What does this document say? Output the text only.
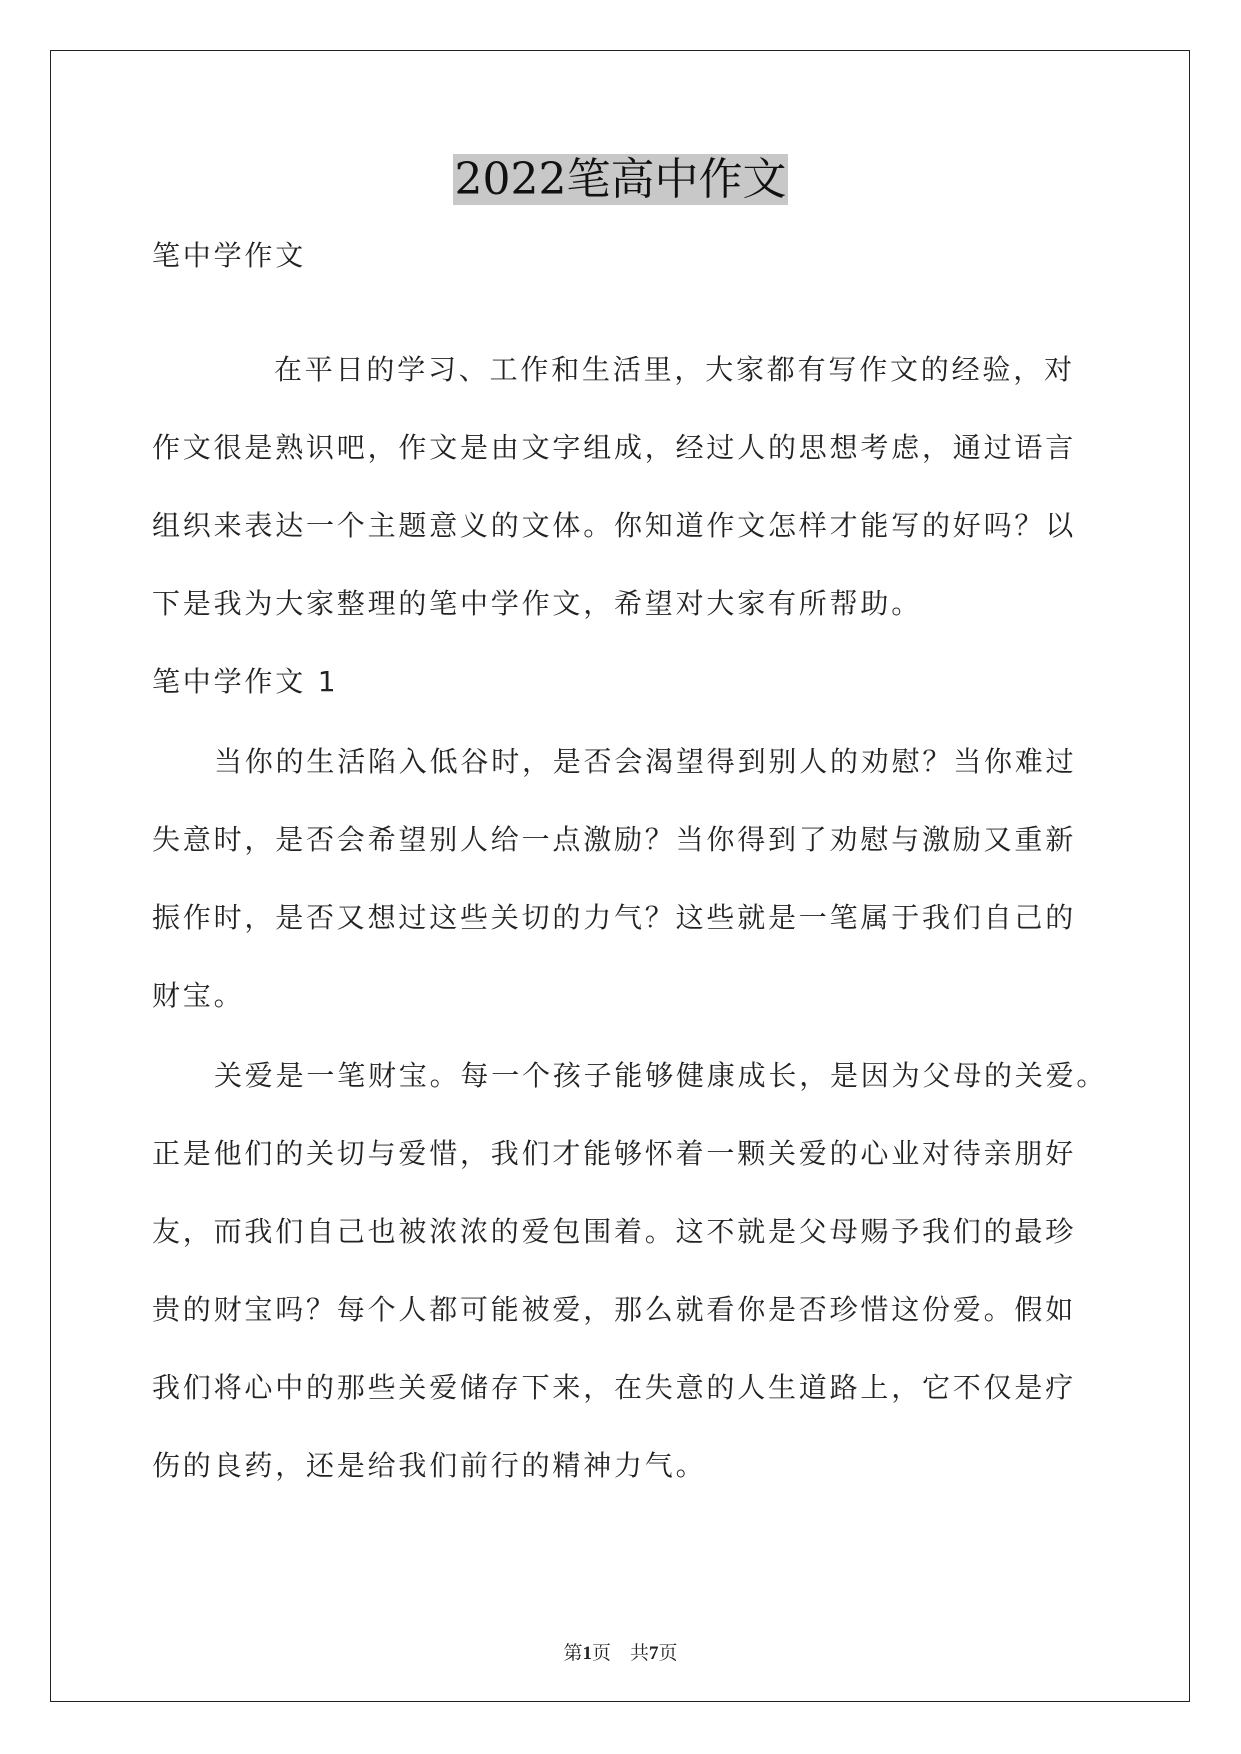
2022笔高中作文
笔中学作文
在平日的学习、工作和生活里，大家都有写作文的经验，对
作文很是熟识吧，作文是由文字组成，经过人的思想考虑，通过语言
组织来表达一个主题意义的文体。你知道作文怎样才能写的好吗？以
下是我为大家整理的笔中学作文，希望对大家有所帮助。
笔中学作文 1
当你的生活陷入低谷时，是否会渴望得到别人的劝慰？当你难过
失意时，是否会希望别人给一点激励？当你得到了劝慰与激励又重新
振作时，是否又想过这些关切的力气？这些就是一笔属于我们自己的
财宝。
关爱是一笔财宝。每一个孩子能够健康成长，是因为父母的关爱。
正是他们的关切与爱惜，我们才能够怀着一颗关爱的心业对待亲朋好
友，而我们自己也被浓浓的爱包围着。这不就是父母赐予我们的最珍
贵的财宝吗？每个人都可能被爱，那么就看你是否珍惜这份爱。假如
我们将心中的那些关爱储存下来，在失意的人生道路上，它不仅是疗
伤的良药，还是给我们前行的精神力气。
第1页　共7页
